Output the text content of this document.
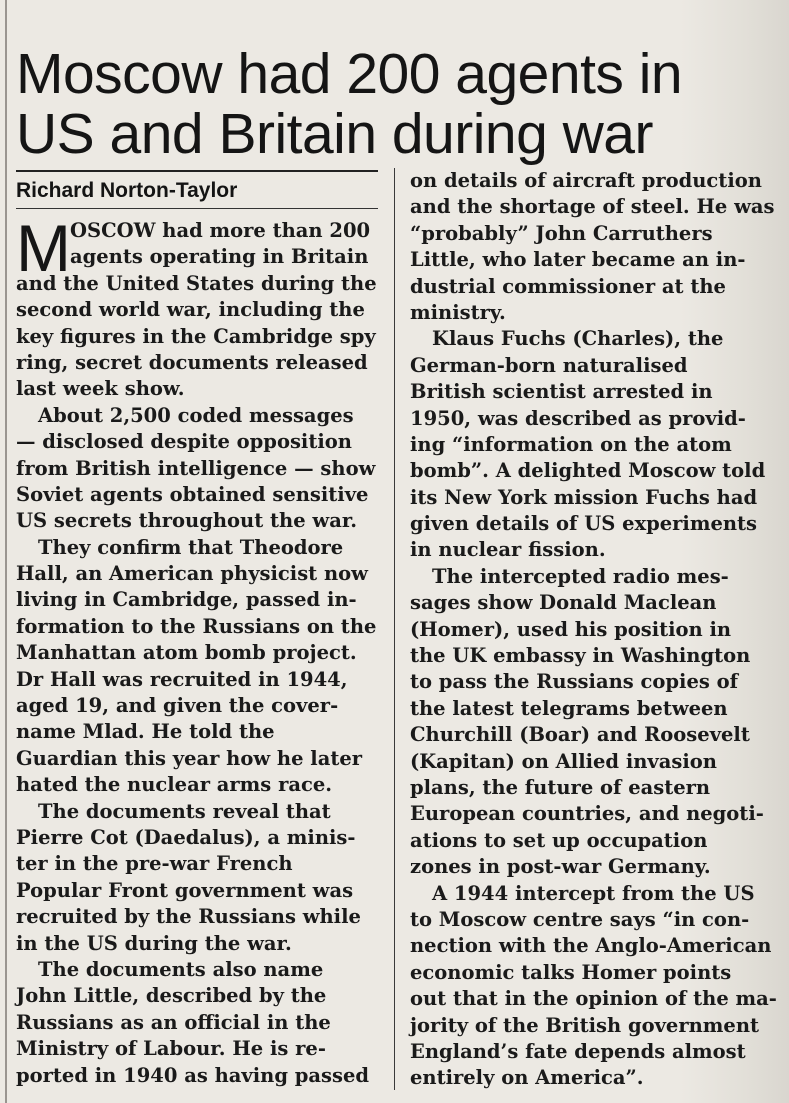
Moscow had 200 agents in
US and Britain during war
Richard Norton-Taylor
M OSCOW had more than 200
agents operating in Britain
and the United States during the
second world war, including the
key figures in the Cambridge spy
ring, secret documents released
last week show.
About 2,500 coded messages
— disclosed despite opposition
from British intelligence — show
Soviet agents obtained sensitive
US secrets throughout the war.
They confirm that Theodore
Hall, an American physicist now
living in Cambridge, passed in-
formation to the Russians on the
Manhattan atom bomb project.
Dr Hall was recruited in 1944,
aged 19, and given the cover-
name Mlad. He told the
Guardian this year how he later
hated the nuclear arms race.
The documents reveal that
Pierre Cot (Daedalus), a minis-
ter in the pre-war French
Popular Front government was
recruited by the Russians while
in the US during the war.
The documents also name
John Little, described by the
Russians as an official in the
Ministry of Labour. He is re-
ported in 1940 as having passed
on details of aircraft production
and the shortage of steel. He was
“probably” John Carruthers
Little, who later became an in-
dustrial commissioner at the
ministry.
Klaus Fuchs (Charles), the
German-born naturalised
British scientist arrested in
1950, was described as provid-
ing “information on the atom
bomb”. A delighted Moscow told
its New York mission Fuchs had
given details of US experiments
in nuclear fission.
The intercepted radio mes-
sages show Donald Maclean
(Homer), used his position in
the UK embassy in Washington
to pass the Russians copies of
the latest telegrams between
Churchill (Boar) and Roosevelt
(Kapitan) on Allied invasion
plans, the future of eastern
European countries, and negoti-
ations to set up occupation
zones in post-war Germany.
A 1944 intercept from the US
to Moscow centre says “in con-
nection with the Anglo-American
economic talks Homer points
out that in the opinion of the ma-
jority of the British government
England’s fate depends almost
entirely on America”.
